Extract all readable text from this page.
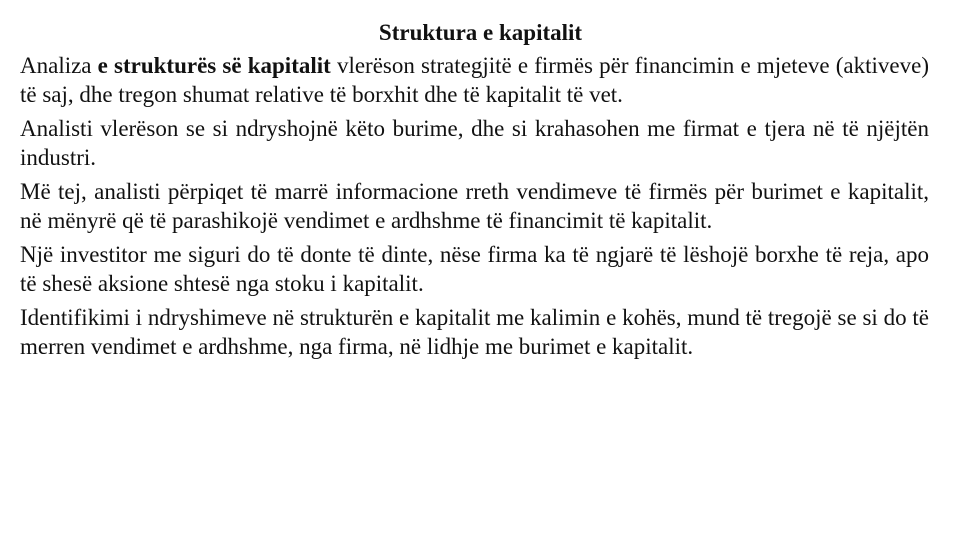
Struktura e kapitalit

Analiza e strukturës së kapitalit vlerëson strategjitë e firmës për financimin e mjeteve (aktiveve) të saj, dhe tregon shumat relative të borxhit dhe të kapitalit të vet.

Analisti vlerëson se si ndryshojnë këto burime, dhe si krahasohen me firmat e tjera në të njëjtën industri.

Më tej, analisti përpiqet të marrë informacione rreth vendimeve të firmës për burimet e kapitalit, në mënyrë që të parashikojë vendimet e ardhshme të financimit të kapitalit.

Një investitor me siguri do të donte të dinte, nëse firma ka të ngjarë të lëshojë borxhe të reja, apo të shesë aksione shtesë nga stoku i kapitalit.

Identifikimi i ndryshimeve në strukturën e kapitalit me kalimin e kohës, mund të tregojë se si do të merren vendimet e ardhshme, nga firma, në lidhje me burimet e kapitalit.
